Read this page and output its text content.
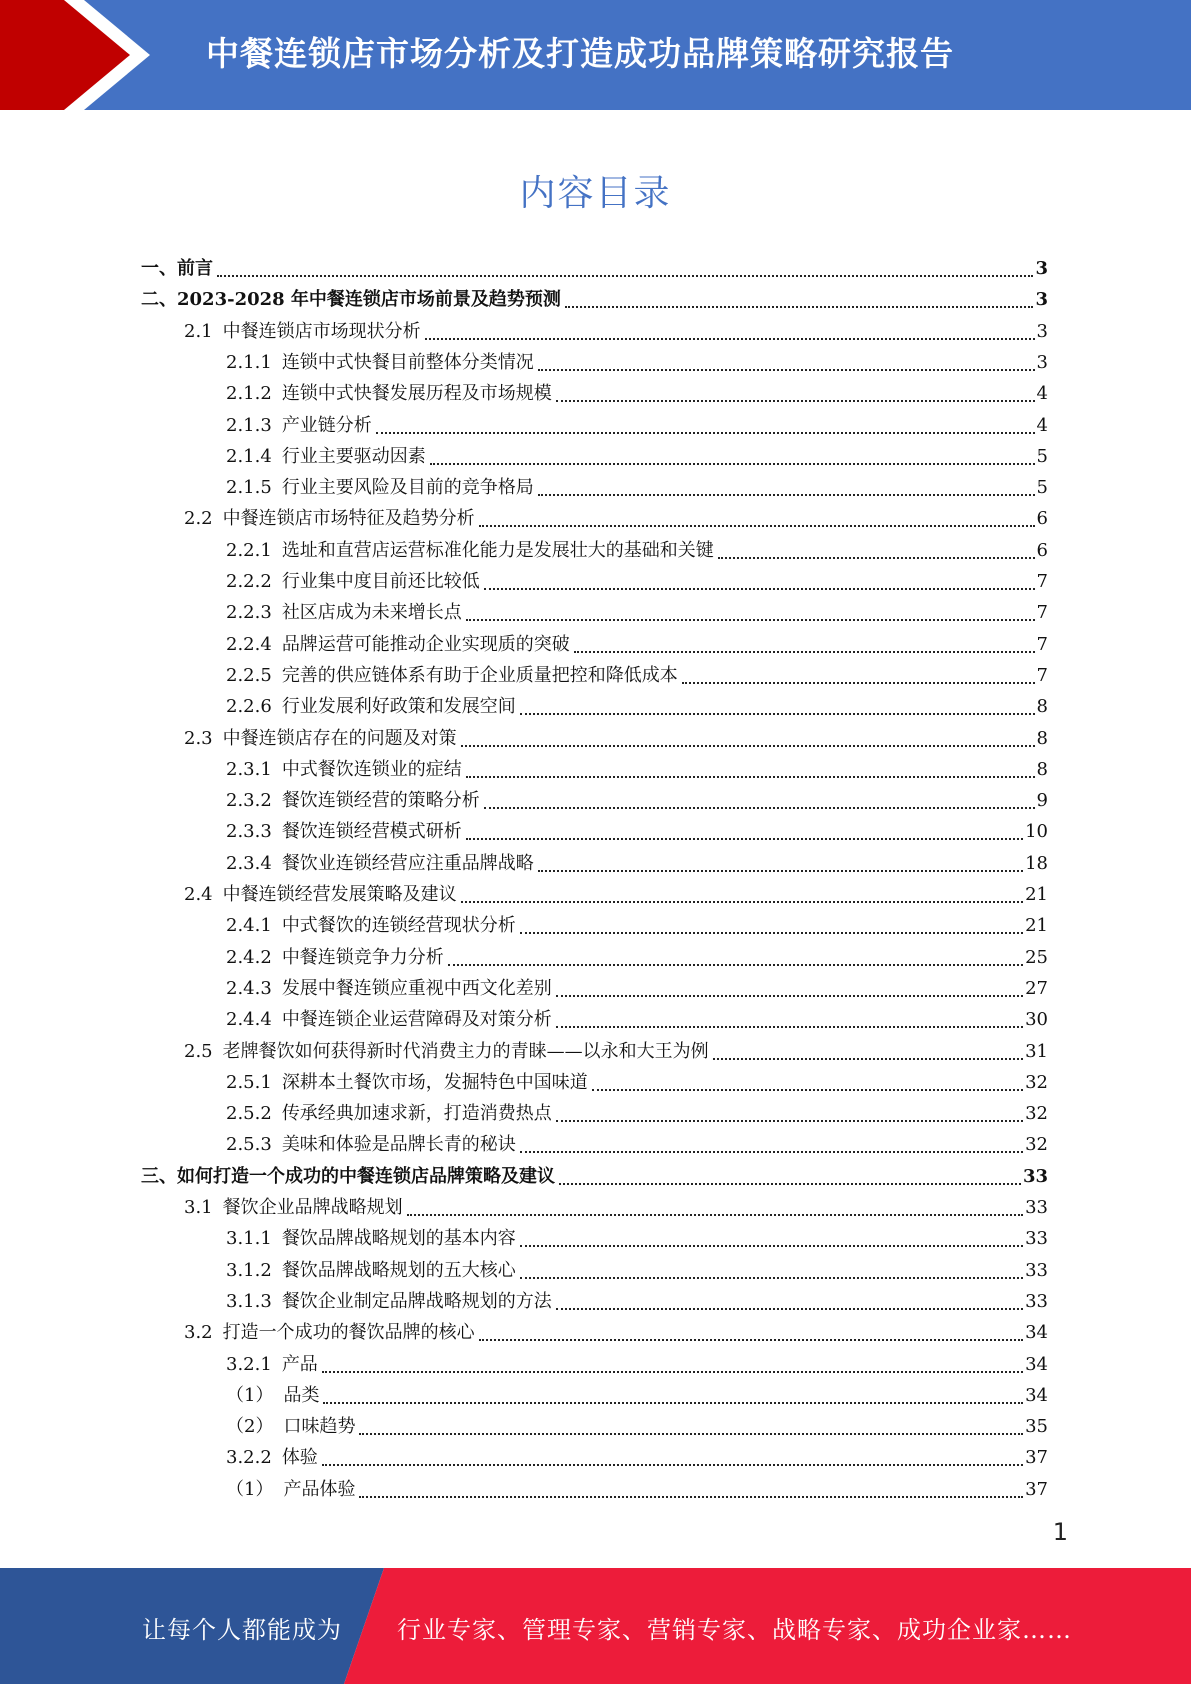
中餐连锁店市场分析及打造成功品牌策略研究报告
内容目录
一、 前言	3
二、 2023-2028 年中餐连锁店市场前景及趋势预测	3
2.1 中餐连锁店市场现状分析	3
2.1.1 连锁中式快餐目前整体分类情况	3
2.1.2 连锁中式快餐发展历程及市场规模	4
2.1.3 产业链分析	4
2.1.4 行业主要驱动因素	5
2.1.5 行业主要风险及目前的竞争格局	5
2.2 中餐连锁店市场特征及趋势分析	6
2.2.1 选址和直营店运营标准化能力是发展壮大的基础和关键	6
2.2.2 行业集中度目前还比较低	7
2.2.3 社区店成为未来增长点	7
2.2.4 品牌运营可能推动企业实现质的突破	7
2.2.5 完善的供应链体系有助于企业质量把控和降低成本	7
2.2.6 行业发展利好政策和发展空间	8
2.3 中餐连锁店存在的问题及对策	8
2.3.1 中式餐饮连锁业的症结	8
2.3.2 餐饮连锁经营的策略分析	9
2.3.3 餐饮连锁经营模式研析	10
2.3.4 餐饮业连锁经营应注重品牌战略	18
2.4 中餐连锁经营发展策略及建议	21
2.4.1 中式餐饮的连锁经营现状分析	21
2.4.2 中餐连锁竞争力分析	25
2.4.3 发展中餐连锁应重视中西文化差别	27
2.4.4 中餐连锁企业运营障碍及对策分析	30
2.5 老牌餐饮如何获得新时代消费主力的青睐——以永和大王为例	31
2.5.1 深耕本土餐饮市场，发掘特色中国味道	32
2.5.2 传承经典加速求新，打造消费热点	32
2.5.3 美味和体验是品牌长青的秘诀	32
三、 如何打造一个成功的中餐连锁店品牌策略及建议	33
3.1 餐饮企业品牌战略规划	33
3.1.1 餐饮品牌战略规划的基本内容	33
3.1.2 餐饮品牌战略规划的五大核心	33
3.1.3 餐饮企业制定品牌战略规划的方法	33
3.2 打造一个成功的餐饮品牌的核心	34
3.2.1 产品	34
（1） 品类	34
（2） 口味趋势	35
3.2.2 体验	37
（1） 产品体验	37
1
让每个人都能成为 行业专家、管理专家、营销专家、战略专家、成功企业家……
